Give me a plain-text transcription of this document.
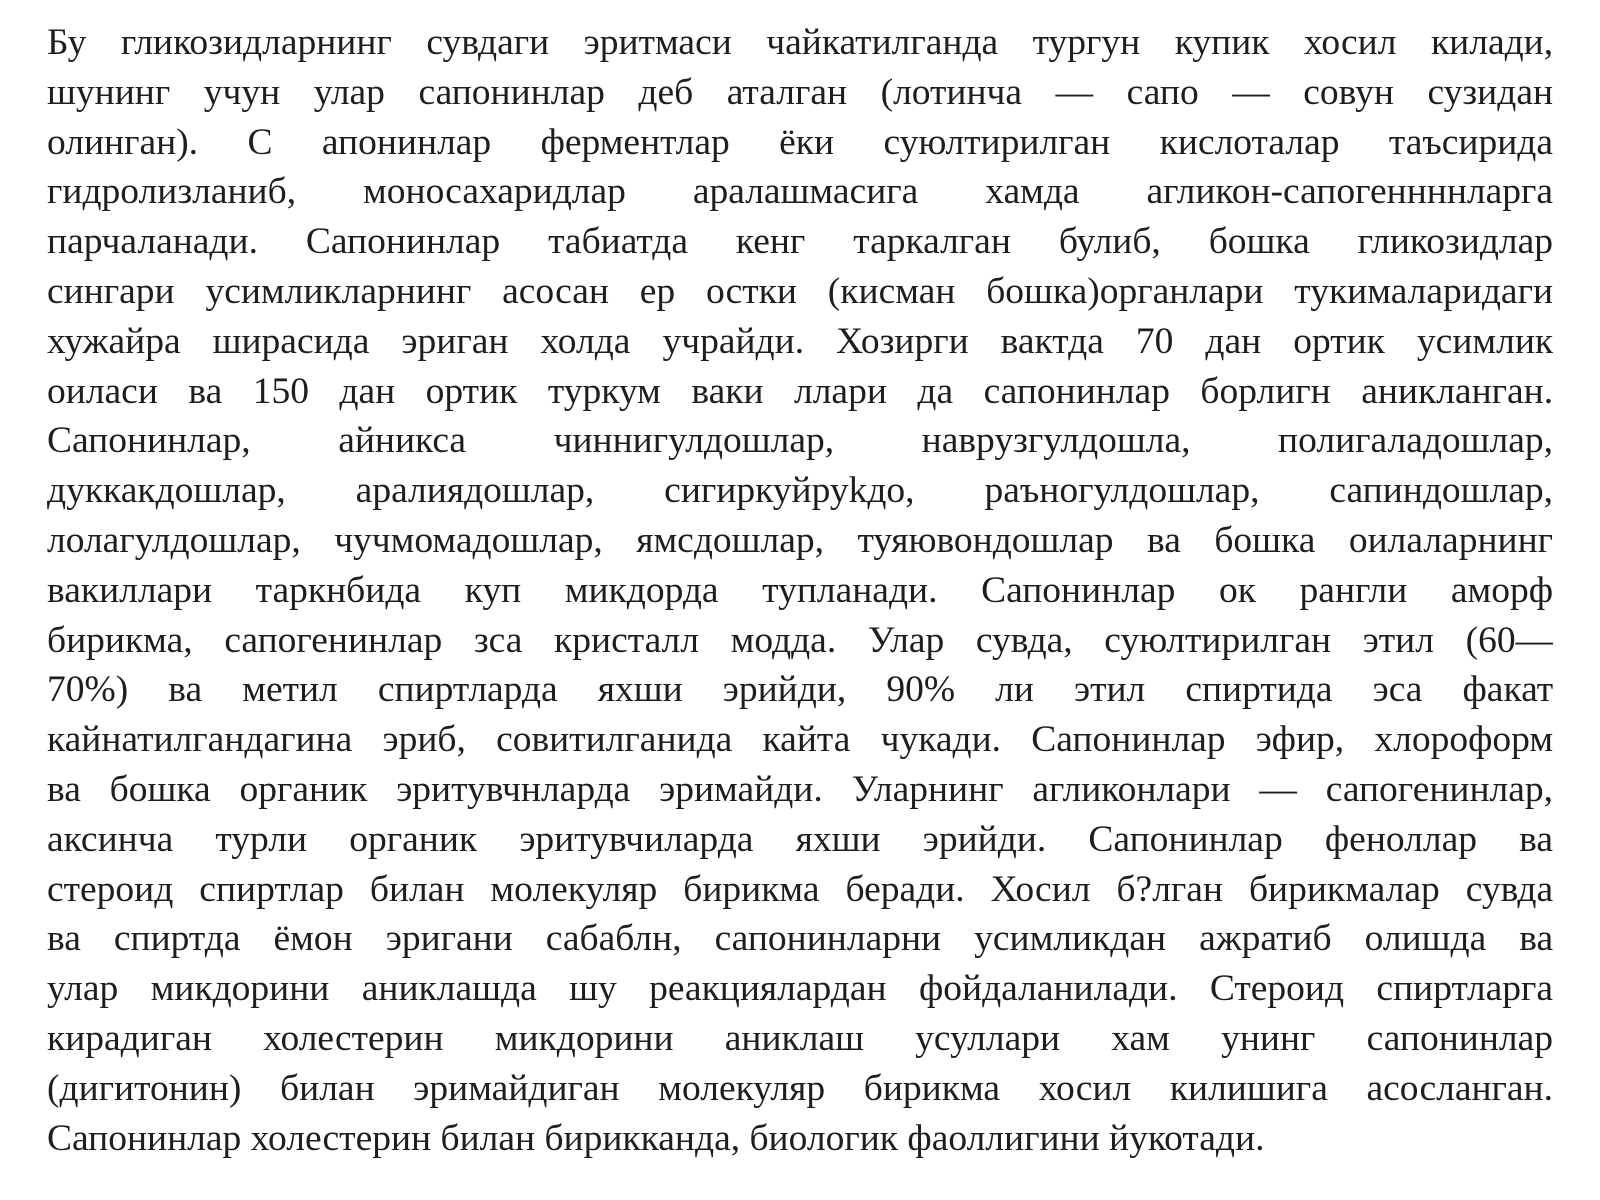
Бу гликозидларнинг сувдаги эритмаси чайкатилганда тургун купик хосил килади,
шунинг учун улар сапонинлар деб аталган (лотинча — сапо — совун сузидан
олинган). С апонинлар ферментлар ёки суюлтирилган кислоталар таъсирида
гидролизланиб, моносахаридлар аралашмасига хамда агликон-сапогеннннларга
парчаланади. Сапонинлар табиатда кенг таркалган булиб, бошка гликозидлар
сингари усимликларнинг асосан ер остки (кисман бошка)органлари тукималаридаги
хужайра ширасида эриган холда учрайди. Хозирги вактда 70 дан ортик усимлик
оиласи ва 150 дан ортик туркум ваки ллари да сапонинлар борлигн аникланган.
Сапонинлар, айникса чиннигулдошлар, наврузгулдошла, полигаладошлар,
дуккакдошлар, аралиядошлар, сигиркуйруkдо, раъногулдошлар, сапиндошлар,
лолагулдошлар, чучмомадошлар, ямсдошлар, туяювондошлар ва бошка оилаларнинг
вакиллари таркнбида куп микдорда тупланади. Сапонинлар ок рангли аморф
бирикма, сапогенинлар зса кристалл модда. Улар сувда, суюлтирилган этил (60—
70%) ва метил спиртларда яхши эрийди, 90% ли этил спиртида эса факат
кайнатилгандагина эриб, совитилганида кайта чукади. Сапонинлар эфир, хлороформ
ва бошка органик эритувчнларда эримайди. Уларнинг агликонлари — сапогенинлар,
аксинча турли органик эритувчиларда яхши эрийди. Сапонинлар феноллар ва
стероид спиртлар билан молекуляр бирикма беради. Хосил б?лган бирикмалар сувда
ва спиртда ёмон эригани сабаблн, сапонинларни усимликдан ажратиб олишда ва
улар микдорини аниклашда шу реакциялардан фойдаланилади. Стероид спиртларга
кирадиган холестерин микдорини аниклаш усуллари хам унинг сапонинлар
(дигитонин) билан эримайдиган молекуляр бирикма хосил килишига асосланган.
Сапонинлар холестерин билан бирикканда, биологик фаоллигини йукотади.
